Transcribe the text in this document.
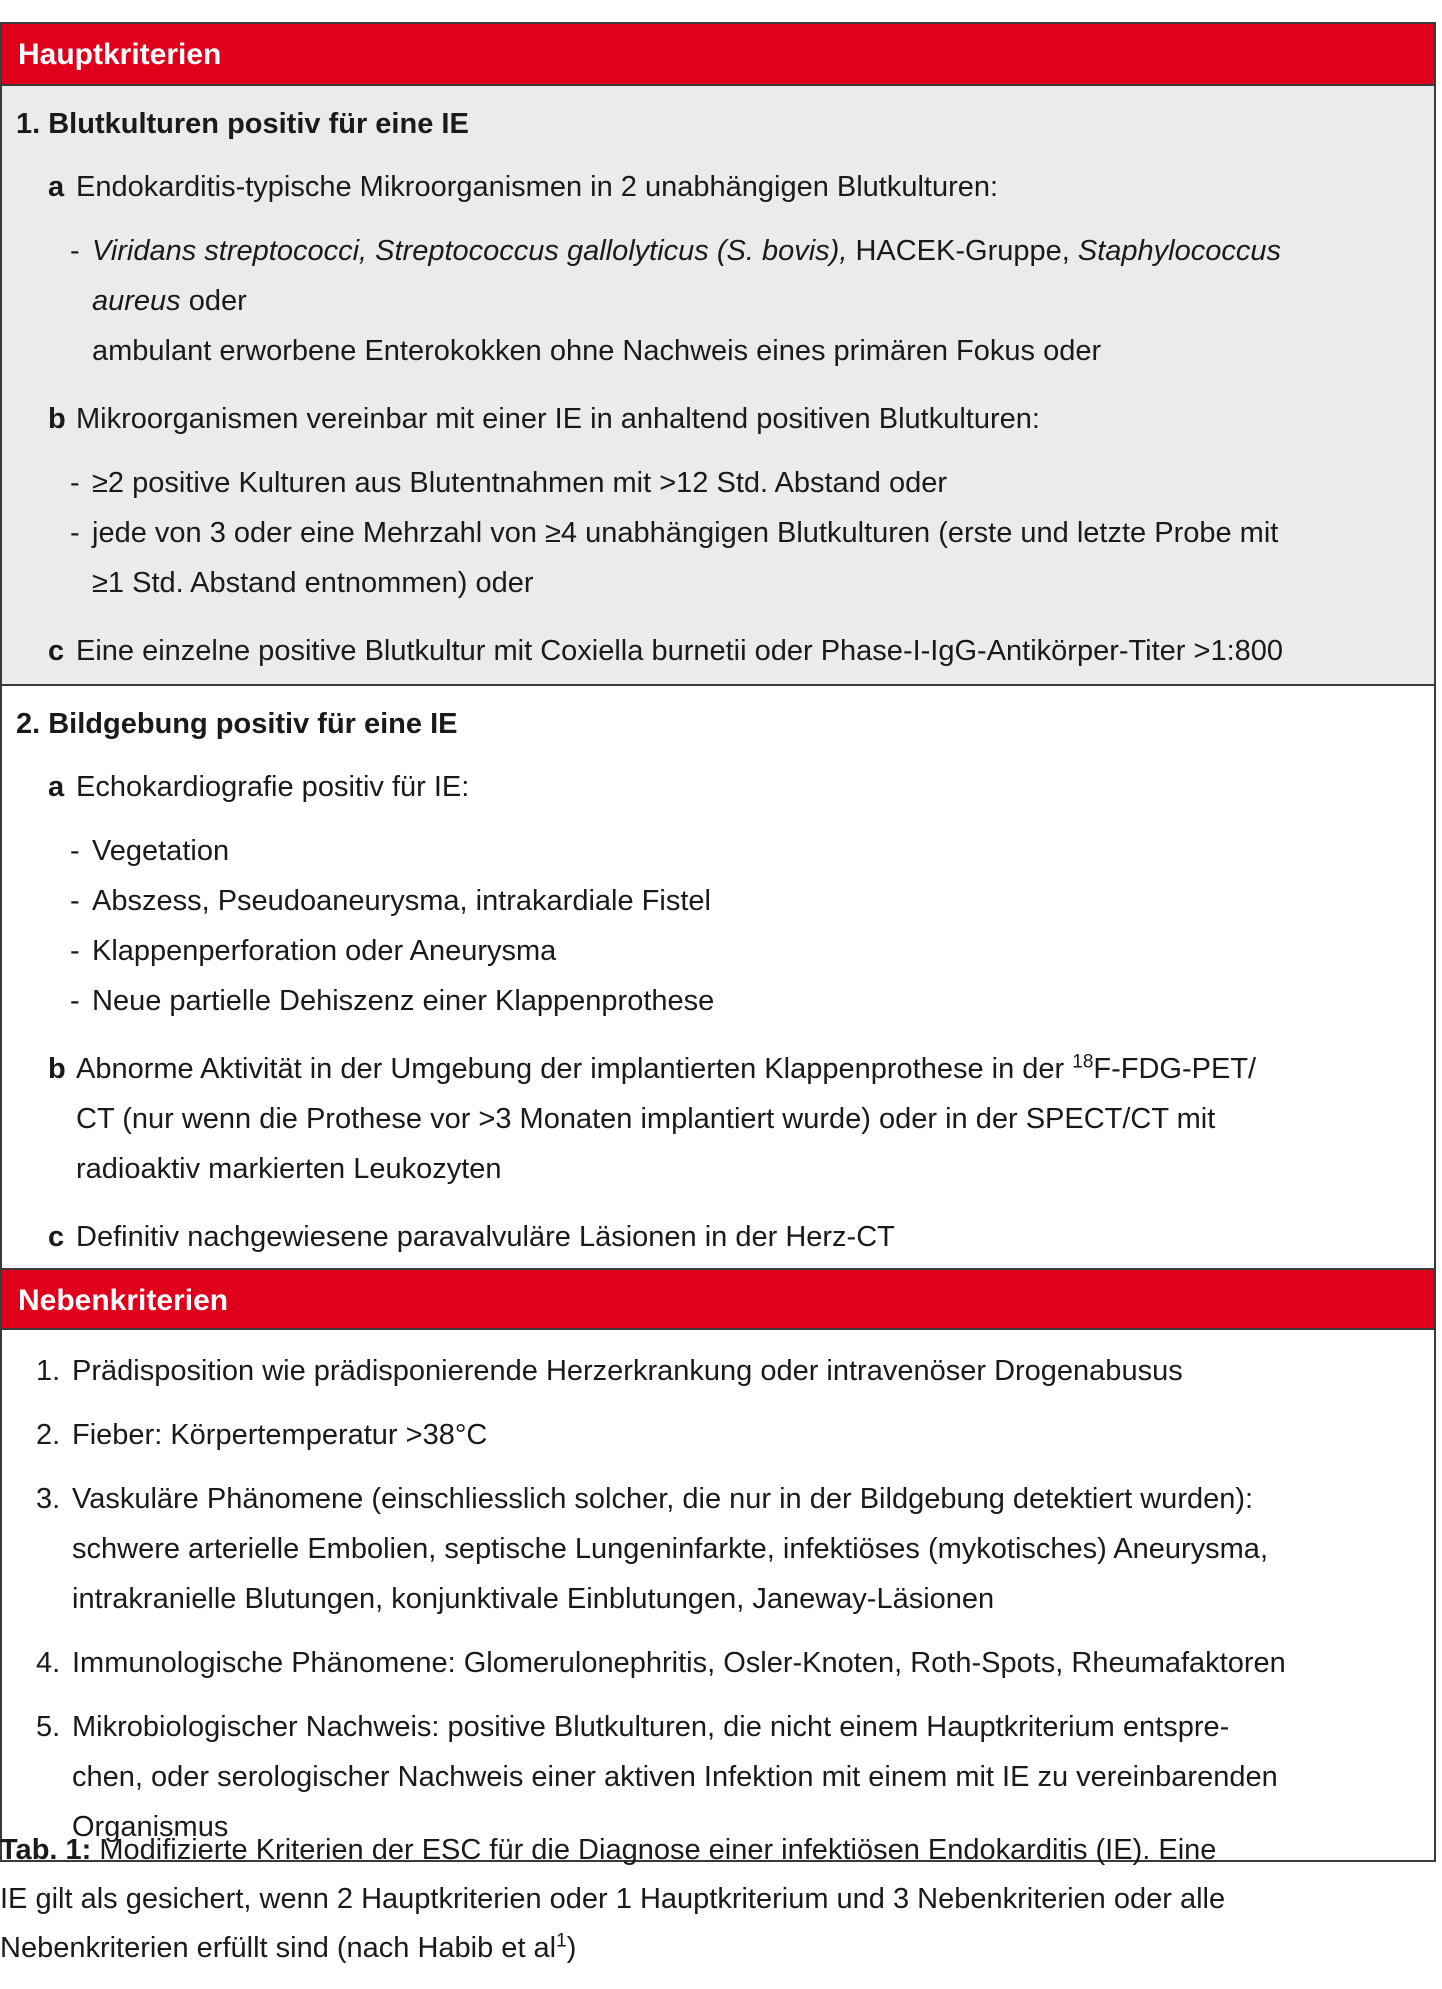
Hauptkriterien
1. Blutkulturen positiv für eine IE
a Endokarditis-typische Mikroorganismen in 2 unabhängigen Blutkulturen:
- Viridans streptococci, Streptococcus gallolyticus (S. bovis), HACEK-Gruppe, Staphylococcus
aureus oder
ambulant erworbene Enterokokken ohne Nachweis eines primären Fokus oder
b Mikroorganismen vereinbar mit einer IE in anhaltend positiven Blutkulturen:
- ≥2 positive Kulturen aus Blutentnahmen mit >12 Std. Abstand oder
- jede von 3 oder eine Mehrzahl von ≥4 unabhängigen Blutkulturen (erste und letzte Probe mit
≥1 Std. Abstand entnommen) oder
c Eine einzelne positive Blutkultur mit Coxiella burnetii oder Phase-I-IgG-Antikörper-Titer >1:800
2. Bildgebung positiv für eine IE
a Echokardiografie positiv für IE:
- Vegetation
- Abszess, Pseudoaneurysma, intrakardiale Fistel
- Klappenperforation oder Aneurysma
- Neue partielle Dehiszenz einer Klappenprothese
b Abnorme Aktivität in der Umgebung der implantierten Klappenprothese in der $^{18}$F-FDG-PET/
CT (nur wenn die Prothese vor >3 Monaten implantiert wurde) oder in der SPECT/CT mit
radioaktiv markierten Leukozyten
c Definitiv nachgewiesene paravalvuläre Läsionen in der Herz-CT
Nebenkriterien
1. Prädisposition wie prädisponierende Herzerkrankung oder intravenöser Drogenabusus
2. Fieber: Körpertemperatur >38°C
3. Vaskuläre Phänomene (einschliesslich solcher, die nur in der Bildgebung detektiert wurden):
schwere arterielle Embolien, septische Lungeninfarkte, infektiöses (mykotisches) Aneurysma,
intrakranielle Blutungen, konjunktivale Einblutungen, Janeway-Läsionen
4. Immunologische Phänomene: Glomerulonephritis, Osler-Knoten, Roth-Spots, Rheumafaktoren
5. Mikrobiologischer Nachweis: positive Blutkulturen, die nicht einem Hauptkriterium entspre-
chen, oder serologischer Nachweis einer aktiven Infektion mit einem mit IE zu vereinbarenden
Organismus
Tab. 1: Modifizierte Kriterien der ESC für die Diagnose einer infektiösen Endokarditis (IE). Eine
IE gilt als gesichert, wenn 2 Hauptkriterien oder 1 Hauptkriterium und 3 Nebenkriterien oder alle
Nebenkriterien erfüllt sind (nach Habib et $al^1$)
